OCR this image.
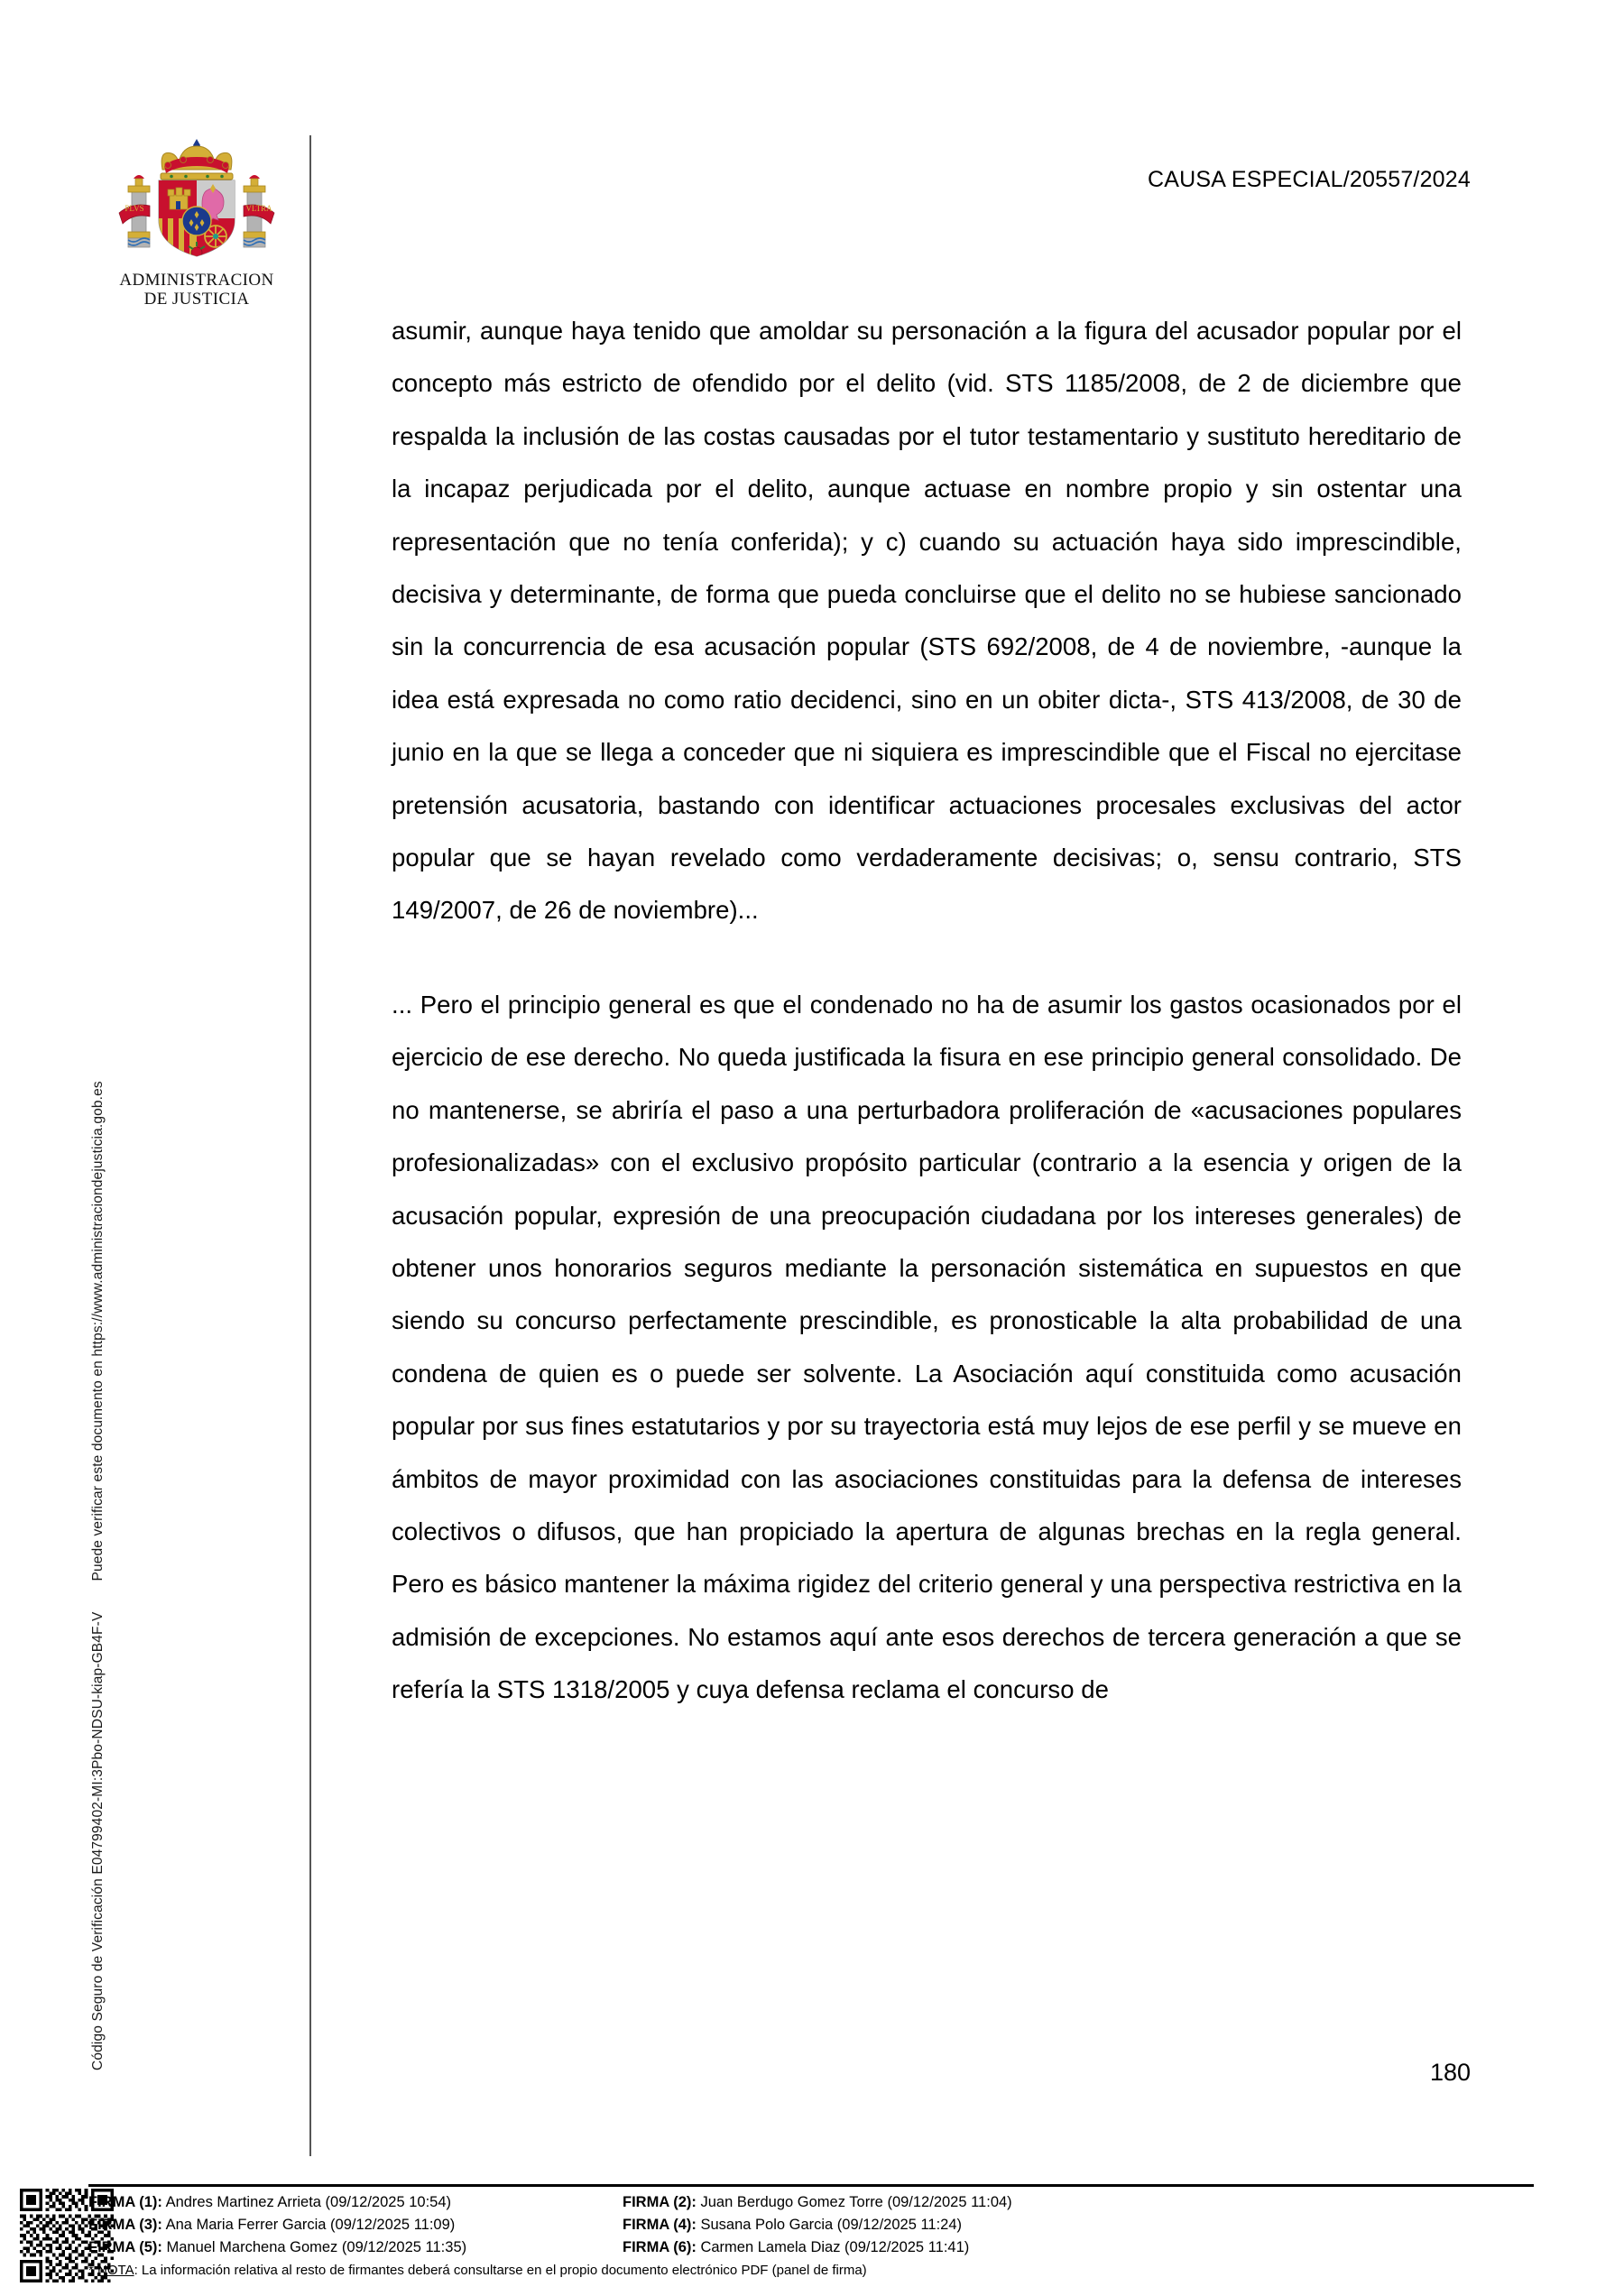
Código Seguro de Verificación E04799402-MI:3Pbo-NDSU-kiap-GB4F-VPuede verificar este documento en https://www.administraciondejusticia.gob.es
PLVS	VLTRA
ADMINISTRACION
DE JUSTICIA
CAUSA ESPECIAL/20557/2024

asumir, aunque haya tenido que amoldar su personación a la figura del acusador popular por el concepto más estricto de ofendido por el delito (vid. STS 1185/2008, de 2 de diciembre que respalda la inclusión de las costas causadas por el tutor testamentario y sustituto hereditario de la incapaz perjudicada por el delito, aunque actuase en nombre propio y sin ostentar una representación que no tenía conferida); y c) cuando su actuación haya sido imprescindible, decisiva y determinante, de forma que pueda concluirse que el delito no se hubiese sancionado sin la concurrencia de esa acusación popular (STS 692/2008, de 4 de noviembre, -aunque la idea está expresada no como ratio decidenci, sino en un obiter dicta-, STS 413/2008, de 30 de junio en la que se llega a conceder que ni siquiera es imprescindible que el Fiscal no ejercitase pretensión acusatoria, bastando con identificar actuaciones procesales exclusivas del actor popular que se hayan revelado como verdaderamente decisivas; o, sensu contrario, STS 149/2007, de 26 de noviembre)...

... Pero el principio general es que el condenado no ha de asumir los gastos ocasionados por el ejercicio de ese derecho. No queda justificada la fisura en ese principio general consolidado. De no mantenerse, se abriría el paso a una perturbadora proliferación de «acusaciones populares profesionalizadas» con el exclusivo propósito particular (contrario a la esencia y origen de la acusación popular, expresión de una preocupación ciudadana por los intereses generales) de obtener unos honorarios seguros mediante la personación sistemática en supuestos en que siendo su concurso perfectamente prescindible, es pronosticable la alta probabilidad de una condena de quien es o puede ser solvente. La Asociación aquí constituida como acusación popular por sus fines estatutarios y por su trayectoria está muy lejos de ese perfil y se mueve en ámbitos de mayor proximidad con las asociaciones constituidas para la defensa de intereses colectivos o difusos, que han propiciado la apertura de algunas brechas en la regla general. Pero es básico mantener la máxima rigidez del criterio general y una perspectiva restrictiva en la admisión de excepciones. No estamos aquí ante esos derechos de tercera generación a que se refería la STS 1318/2005 y cuya defensa reclama el concurso de

180
FIRMA (1): Andres Martinez Arrieta (09/12/2025 10:54)	FIRMA (2): Juan Berdugo Gomez Torre (09/12/2025 11:04)
FIRMA (3): Ana Maria Ferrer Garcia (09/12/2025 11:09)	FIRMA (4): Susana Polo Garcia (09/12/2025 11:24)
FIRMA (5): Manuel Marchena Gomez (09/12/2025 11:35)	FIRMA (6): Carmen Lamela Diaz (09/12/2025 11:41)
* NOTA: La información relativa al resto de firmantes deberá consultarse en el propio documento electrónico PDF (panel de firma)
